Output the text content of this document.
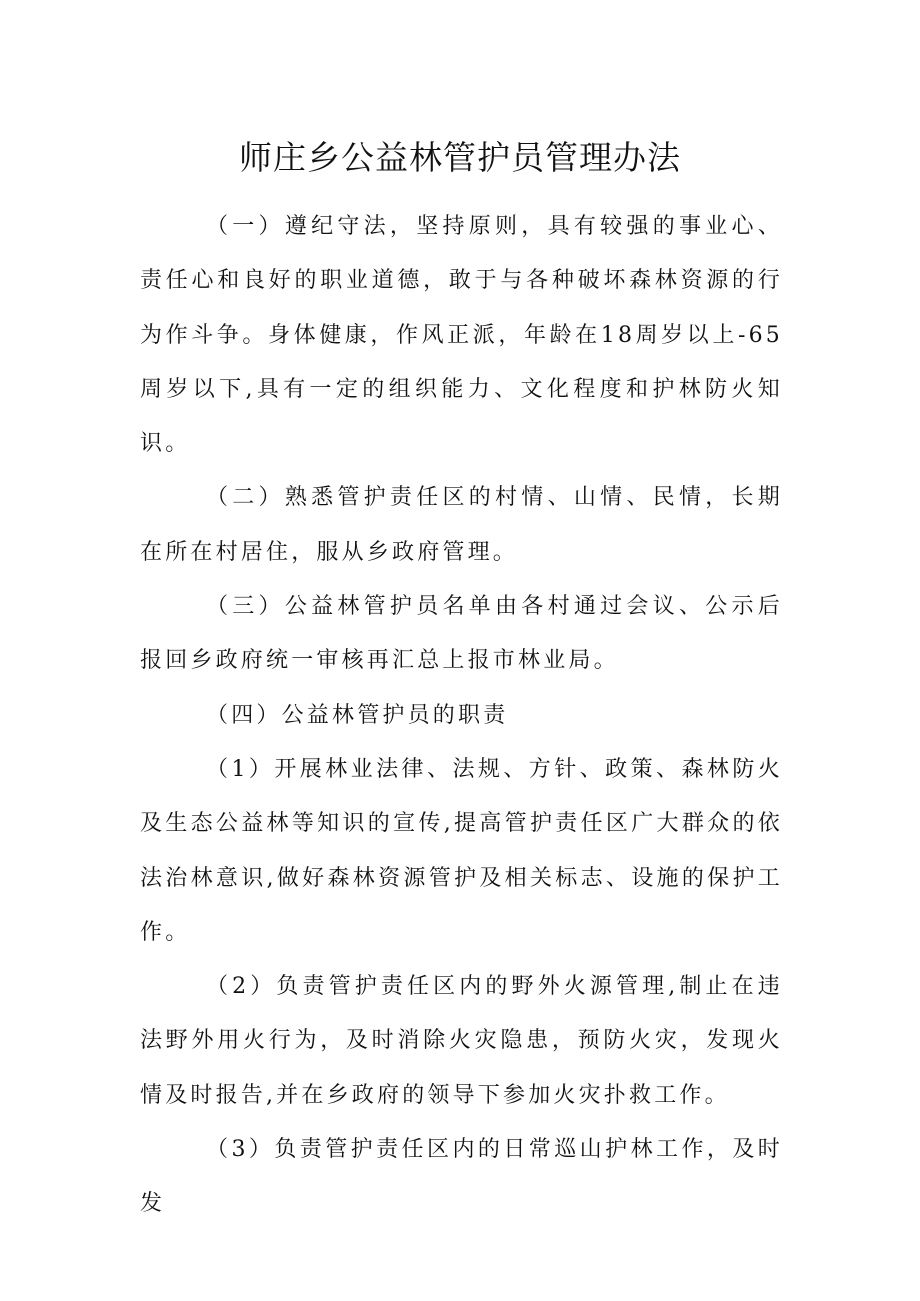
师庄乡公益林管护员管理办法

（一）遵纪守法，坚持原则，具有较强的事业心、责任心和良好的职业道德，敢于与各种破坏森林资源的行为作斗争。身体健康，作风正派，年龄在18周岁以上-65周岁以下,具有一定的组织能力、文化程度和护林防火知识。

（二）熟悉管护责任区的村情、山情、民情，长期在所在村居住，服从乡政府管理。

（三）公益林管护员名单由各村通过会议、公示后报回乡政府统一审核再汇总上报市林业局。

（四）公益林管护员的职责

（1）开展林业法律、法规、方针、政策、森林防火及生态公益林等知识的宣传,提高管护责任区广大群众的依法治林意识,做好森林资源管护及相关标志、设施的保护工作。

（2）负责管护责任区内的野外火源管理,制止在违法野外用火行为，及时消除火灾隐患，预防火灾，发现火情及时报告,并在乡政府的领导下参加火灾扑救工作。

（3）负责管护责任区内的日常巡山护林工作，及时发
